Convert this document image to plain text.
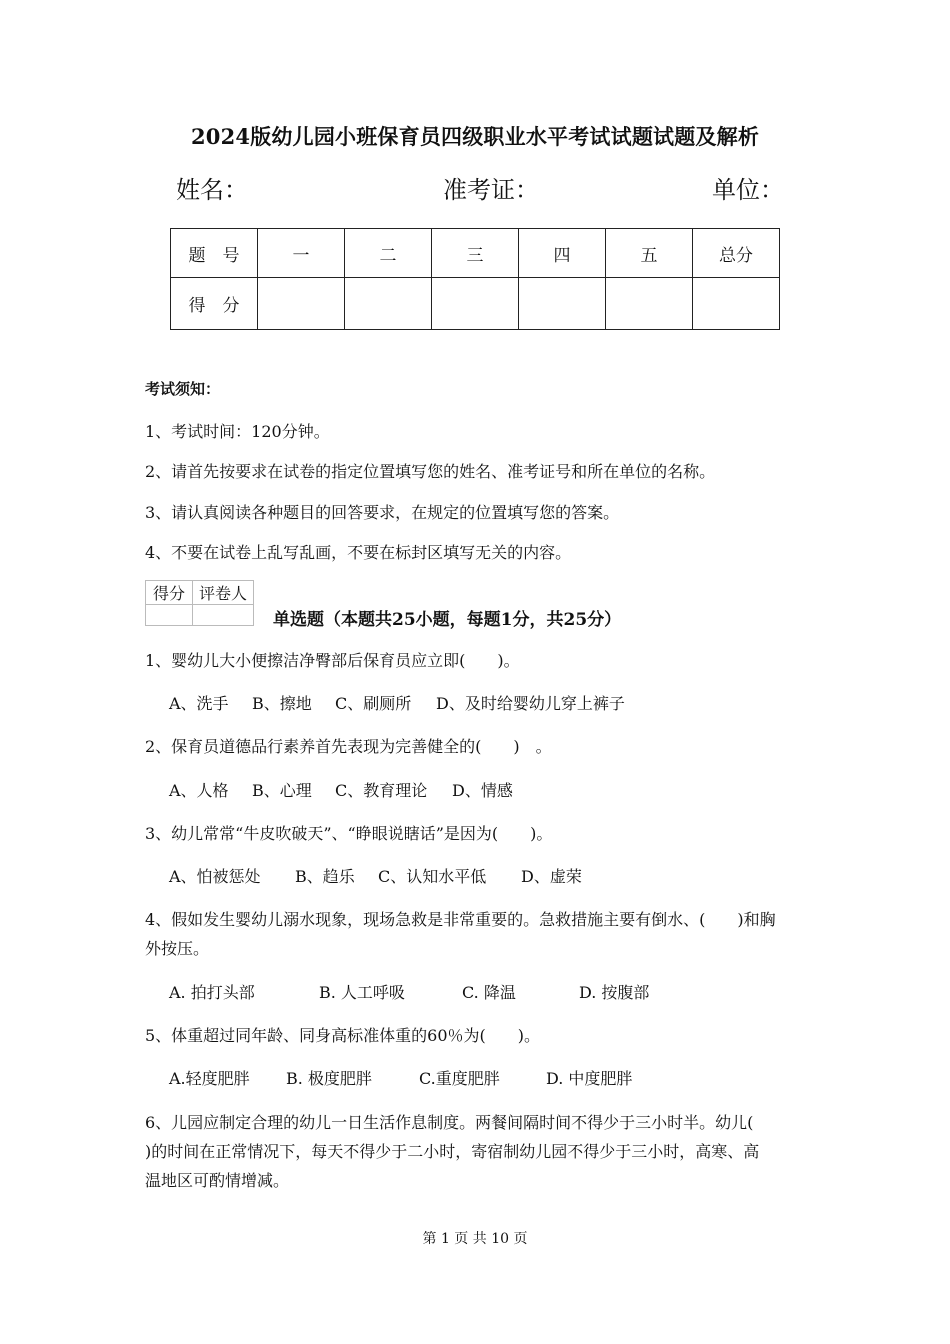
2024版幼儿园小班保育员四级职业水平考试试题试题及解析
姓名：	准考证：	单位：
题　号	一	二	三	四	五	总分
得　分						
考试须知：
1、考试时间：120分钟。
2、请首先按要求在试卷的指定位置填写您的姓名、准考证号和所在单位的名称。
3、请认真阅读各种题目的回答要求，在规定的位置填写您的答案。
4、不要在试卷上乱写乱画，不要在标封区填写无关的内容。
得分	评卷人

单选题（本题共25小题，每题1分，共25分）
1、婴幼儿大小便擦洁净臀部后保育员应立即(　　)。
A、洗手 B、擦地 C、刷厕所 D、及时给婴幼儿穿上裤子
2、保育员道德品行素养首先表现为完善健全的(　　)　。
A、人格 B、心理 C、教育理论 D、情感
3、幼儿常常“牛皮吹破天”、“睁眼说瞎话”是因为(　　)。
A、怕被惩处 B、趋乐 C、认知水平低 D、虚荣
4、假如发生婴幼儿溺水现象，现场急救是非常重要的。急救措施主要有倒水、(　　)和胸
外按压。
A. 拍打头部	B. 人工呼吸	C. 降温	D. 按腹部
5、体重超过同年龄、同身高标准体重的60％为(　　)。
A.轻度肥胖 B. 极度肥胖	C.重度肥胖	D. 中度肥胖
6、儿园应制定合理的幼儿一日生活作息制度。两餐间隔时间不得少于三小时半。幼儿(
)的时间在正常情况下，每天不得少于二小时，寄宿制幼儿园不得少于三小时，高寒、高
温地区可酌情增减。
第 1 页 共 10 页
